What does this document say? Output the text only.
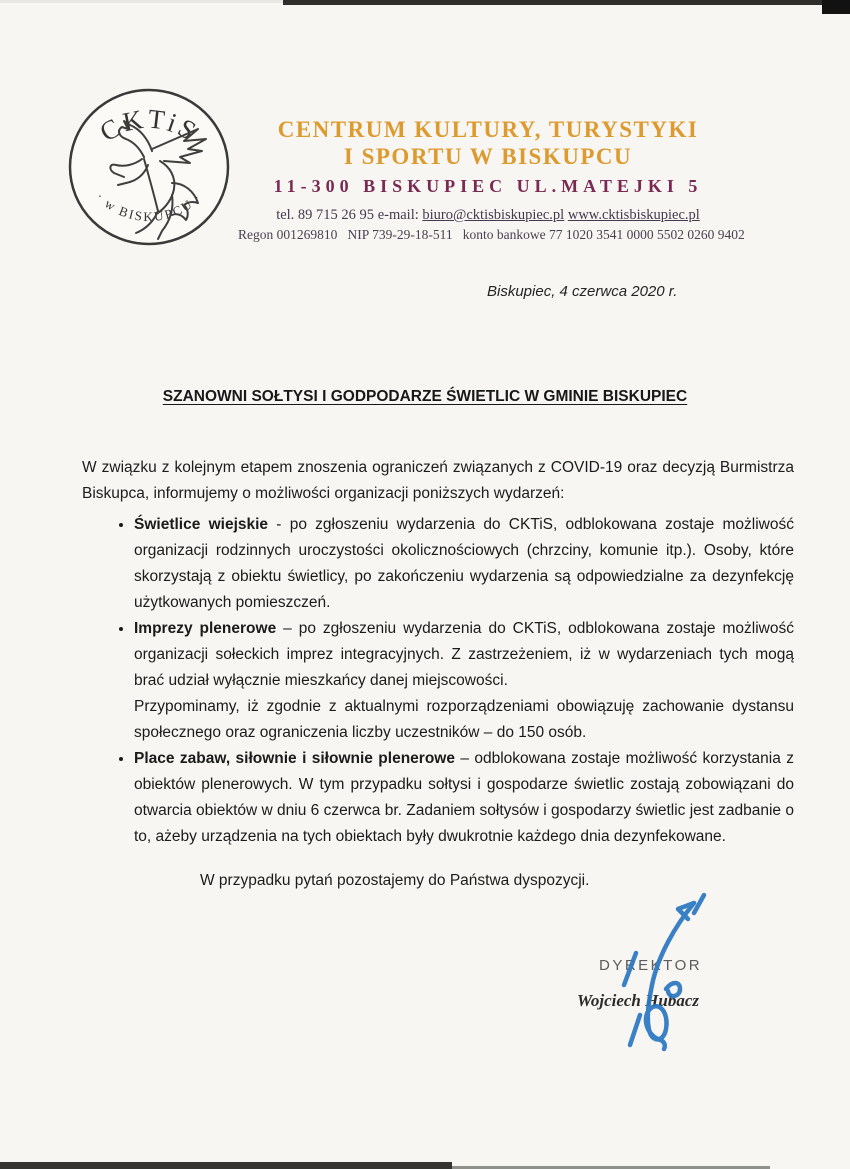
CKTiS
· w BISKUPCU ·
CENTRUM KULTURY, TURYSTYKI
I SPORTU W BISKUPCU
11-300 BISKUPIEC UL.MATEJKI 5
tel. 89 715 26 95 e-mail: biuro@cktisbiskupiec.pl www.cktisbiskupiec.pl
Regon 001269810 NIP 739-29-18-511 konto bankowe 77 1020 3541 0000 5502 0260 9402
Biskupiec, 4 czerwca 2020 r.
SZANOWNI SOŁTYSI I GODPODARZE ŚWIETLIC W GMINIE BISKUPIEC
W związku z kolejnym etapem znoszenia ograniczeń związanych z COVID-19 oraz decyzją Burmistrza Biskupca, informujemy o możliwości organizacji poniższych wydarzeń:
• Świetlice wiejskie - po zgłoszeniu wydarzenia do CKTiS, odblokowana zostaje możliwość organizacji rodzinnych uroczystości okolicznościowych (chrzciny, komunie itp.). Osoby, które skorzystają z obiektu świetlicy, po zakończeniu wydarzenia są odpowiedzialne za dezynfekcję użytkowanych pomieszczeń.
• Imprezy plenerowe – po zgłoszeniu wydarzenia do CKTiS, odblokowana zostaje możliwość organizacji sołeckich imprez integracyjnych. Z zastrzeżeniem, iż w wydarzeniach tych mogą brać udział wyłącznie mieszkańcy danej miejscowości.
Przypominamy, iż zgodnie z aktualnymi rozporządzeniami obowiązuję zachowanie dystansu społecznego oraz ograniczenia liczby uczestników – do 150 osób.
• Place zabaw, siłownie i siłownie plenerowe – odblokowana zostaje możliwość korzystania z obiektów plenerowych. W tym przypadku sołtysi i gospodarze świetlic zostają zobowiązani do otwarcia obiektów w dniu 6 czerwca br. Zadaniem sołtysów i gospodarzy świetlic jest zadbanie o to, ażeby urządzenia na tych obiektach były dwukrotnie każdego dnia dezynfekowane.
W przypadku pytań pozostajemy do Państwa dyspozycji.
DYREKTOR
Wojciech Hubacz
